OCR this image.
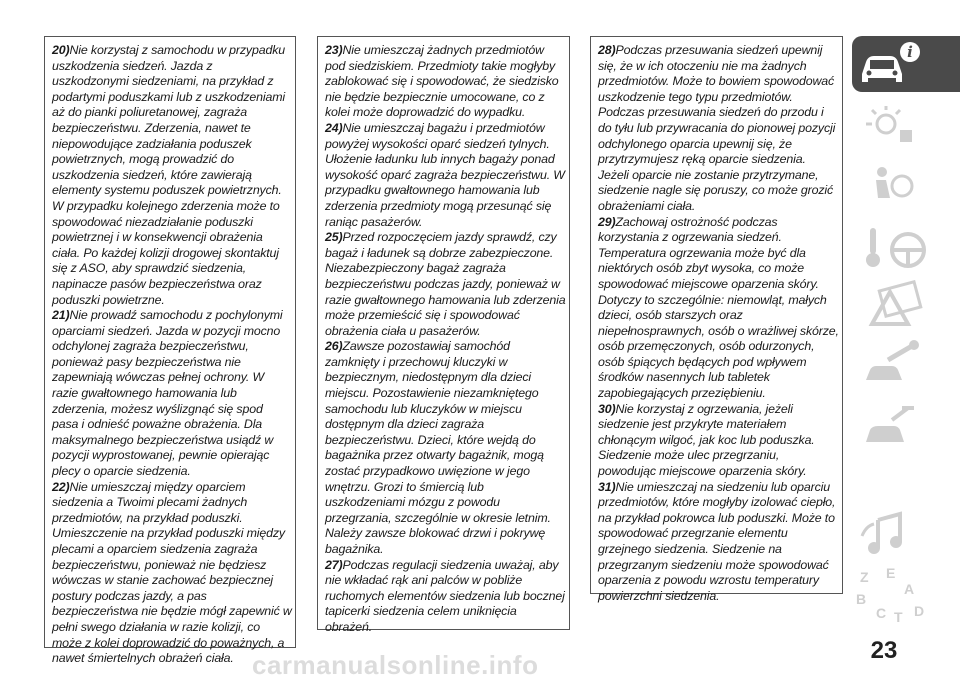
20)Nie korzystaj z samochodu w przypadku uszkodzenia siedzeń. Jazda z uszkodzonymi siedzeniami, na przykład z podartymi poduszkami lub z uszkodzeniami aż do pianki poliuretanowej, zagraża bezpieczeństwu. Zderzenia, nawet te niepowodujące zadziałania poduszek powietrznych, mogą prowadzić do uszkodzenia siedzeń, które zawierają elementy systemu poduszek powietrznych. W przypadku kolejnego zderzenia może to spowodować niezadziałanie poduszki powietrznej i w konsekwencji obrażenia ciała. Po każdej kolizji drogowej skontaktuj się z ASO, aby sprawdzić siedzenia, napinacze pasów bezpieczeństwa oraz poduszki powietrzne.

21)Nie prowadź samochodu z pochylonymi oparciami siedzeń. Jazda w pozycji mocno odchylonej zagraża bezpieczeństwu, ponieważ pasy bezpieczeństwa nie zapewniają wówczas pełnej ochrony. W razie gwałtownego hamowania lub zderzenia, możesz wyślizgnąć się spod pasa i odnieść poważne obrażenia. Dla maksymalnego bezpieczeństwa usiądź w pozycji wyprostowanej, pewnie opierając plecy o oparcie siedzenia.

22)Nie umieszczaj między oparciem siedzenia a Twoimi plecami żadnych przedmiotów, na przykład poduszki. Umieszczenie na przykład poduszki między plecami a oparciem siedzenia zagraża bezpieczeństwu, ponieważ nie będziesz wówczas w stanie zachować bezpiecznej postury podczas jazdy, a pas bezpieczeństwa nie będzie mógł zapewnić w pełni swego działania w razie kolizji, co może z kolei doprowadzić do poważnych, a nawet śmiertelnych obrażeń ciała.

23)Nie umieszczaj żadnych przedmiotów pod siedziskiem. Przedmioty takie mogłyby zablokować się i spowodować, że siedzisko nie będzie bezpiecznie umocowane, co z kolei może doprowadzić do wypadku.

24)Nie umieszczaj bagażu i przedmiotów powyżej wysokości oparć siedzeń tylnych. Ułożenie ładunku lub innych bagaży ponad wysokość oparć zagraża bezpieczeństwu. W przypadku gwałtownego hamowania lub zderzenia przedmioty mogą przesunąć się raniąc pasażerów.

25)Przed rozpoczęciem jazdy sprawdź, czy bagaż i ładunek są dobrze zabezpieczone. Niezabezpieczony bagaż zagraża bezpieczeństwu podczas jazdy, ponieważ w razie gwałtownego hamowania lub zderzenia może przemieścić się i spowodować obrażenia ciała u pasażerów.

26)Zawsze pozostawiaj samochód zamknięty i przechowuj kluczyki w bezpiecznym, niedostępnym dla dzieci miejscu. Pozostawienie niezamkniętego samochodu lub kluczyków w miejscu dostępnym dla dzieci zagraża bezpieczeństwu. Dzieci, które wejdą do bagażnika przez otwarty bagażnik, mogą zostać przypadkowo uwięzione w jego wnętrzu. Grozi to śmiercią lub uszkodzeniami mózgu z powodu przegrzania, szczególnie w okresie letnim. Należy zawsze blokować drzwi i pokrywę bagażnika.

27)Podczas regulacji siedzenia uważaj, aby nie wkładać rąk ani palców w pobliże ruchomych elementów siedzenia lub bocznej tapicerki siedzenia celem uniknięcia obrażeń.

28)Podczas przesuwania siedzeń upewnij się, że w ich otoczeniu nie ma żadnych przedmiotów. Może to bowiem spowodować uszkodzenie tego typu przedmiotów. Podczas przesuwania siedzeń do przodu i do tyłu lub przywracania do pionowej pozycji odchylonego oparcia upewnij się, że przytrzymujesz ręką oparcie siedzenia. Jeżeli oparcie nie zostanie przytrzymane, siedzenie nagle się poruszy, co może grozić obrażeniami ciała.

29)Zachowaj ostrożność podczas korzystania z ogrzewania siedzeń. Temperatura ogrzewania może być dla niektórych osób zbyt wysoka, co może spowodować miejscowe oparzenia skóry. Dotyczy to szczególnie: niemowląt, małych dzieci, osób starszych oraz niepełnosprawnych, osób o wrażliwej skórze, osób przemęczonych, osób odurzonych, osób śpiących będących pod wpływem środków nasennych lub tabletek zapobiegających przeziębieniu.

30)Nie korzystaj z ogrzewania, jeżeli siedzenie jest przykryte materiałem chłonącym wilgoć, jak koc lub poduszka. Siedzenie może ulec przegrzaniu, powodując miejscowe oparzenia skóry.

31)Nie umieszczaj na siedzeniu lub oparciu przedmiotów, które mogłyby izolować ciepło, na przykład pokrowca lub poduszki. Może to spowodować przegrzanie elementu grzejnego siedzenia. Siedzenie na przegrzanym siedzeniu może spowodować oparzenia z powodu wzrostu temperatury powierzchni siedzenia.

i
Z E
A
B
C T D
23
carmanualsonline.info
